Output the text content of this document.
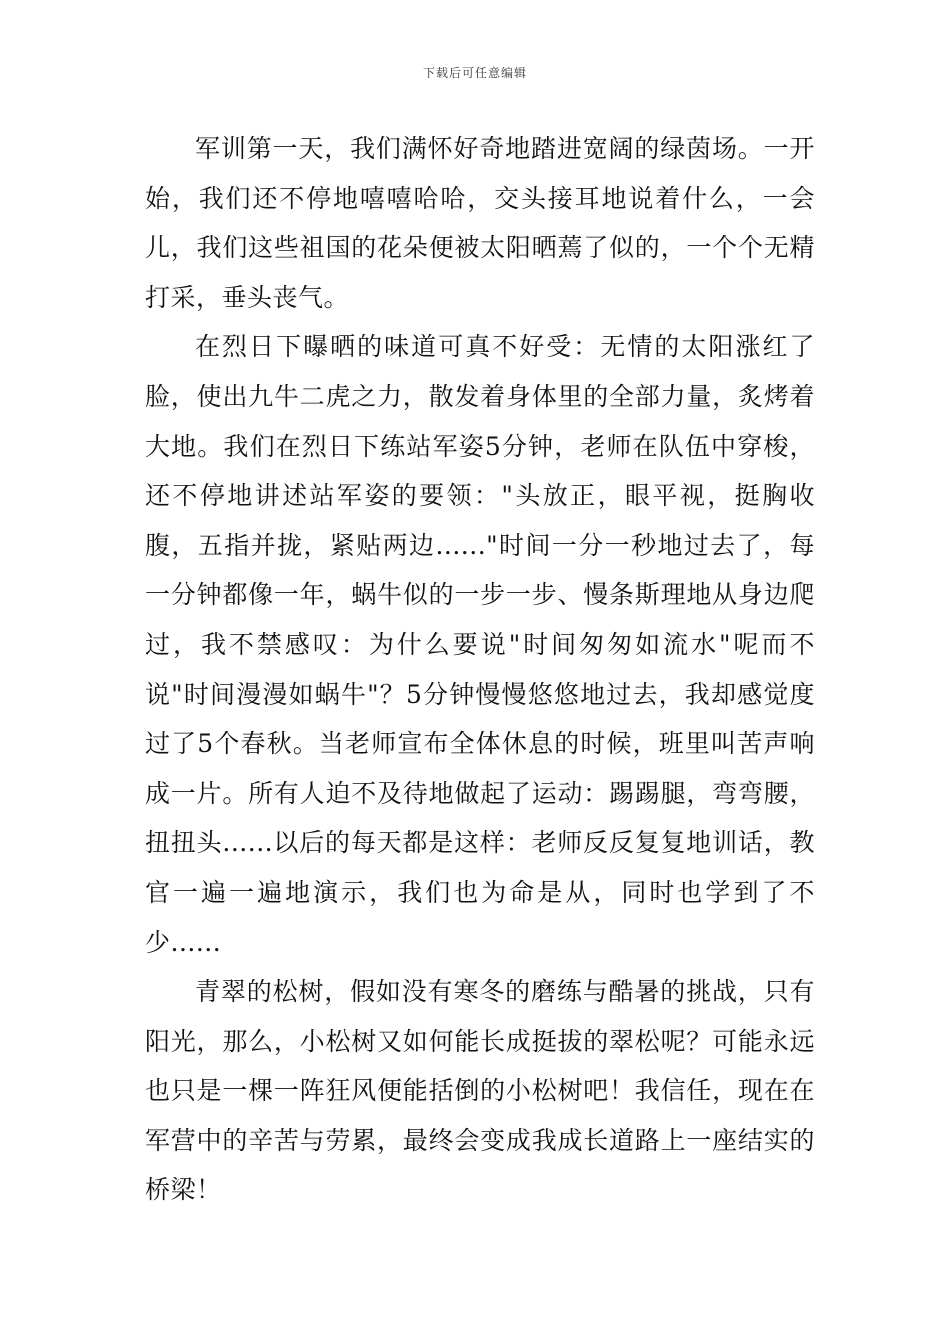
下载后可任意编辑

军训第一天，我们满怀好奇地踏进宽阔的绿茵场。一开始，我们还不停地嘻嘻哈哈，交头接耳地说着什么，一会儿，我们这些祖国的花朵便被太阳晒蔫了似的，一个个无精打采，垂头丧气。

在烈日下曝晒的味道可真不好受：无情的太阳涨红了脸，使出九牛二虎之力，散发着身体里的全部力量，炙烤着大地。我们在烈日下练站军姿5分钟，老师在队伍中穿梭，还不停地讲述站军姿的要领："头放正，眼平视，挺胸收腹，五指并拢，紧贴两边......"时间一分一秒地过去了，每一分钟都像一年，蜗牛似的一步一步、慢条斯理地从身边爬过，我不禁感叹：为什么要说"时间匆匆如流水"呢而不说"时间漫漫如蜗牛"？5分钟慢慢悠悠地过去，我却感觉度过了5个春秋。当老师宣布全体休息的时候，班里叫苦声响成一片。所有人迫不及待地做起了运动：踢踢腿，弯弯腰，扭扭头......以后的每天都是这样：老师反反复复地训话，教官一遍一遍地演示，我们也为命是从，同时也学到了不少......

青翠的松树，假如没有寒冬的磨练与酷暑的挑战，只有阳光，那么，小松树又如何能长成挺拔的翠松呢？可能永远也只是一棵一阵狂风便能括倒的小松树吧！我信任，现在在军营中的辛苦与劳累，最终会变成我成长道路上一座结实的桥梁！
